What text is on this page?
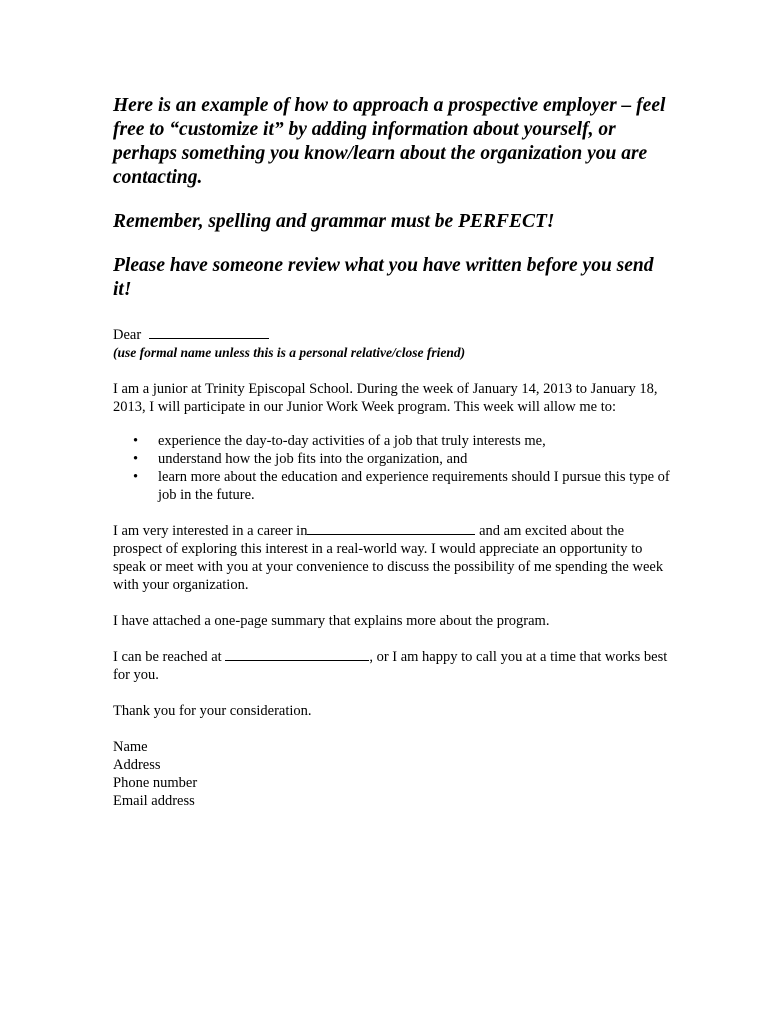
Here is an example of how to approach a prospective employer – feel free to “customize it” by adding information about yourself, or perhaps something you know/learn about the organization you are contacting.

Remember, spelling and grammar must be PERFECT!

Please have someone review what you have written before you send it!

Dear

(use formal name unless this is a personal relative/close friend)

I am a junior at Trinity Episcopal School. During the week of January 14, 2013 to January 18, 2013, I will participate in our Junior Work Week program. This week will allow me to:

• experience the day-to-day activities of a job that truly interests me,
• understand how the job fits into the organization, and
• learn more about the education and experience requirements should I pursue this type of job in the future.

I am very interested in a career in	and am excited about the prospect of exploring this interest in a real-world way. I would appreciate an opportunity to speak or meet with you at your convenience to discuss the possibility of me spending the week with your organization.

I have attached a one-page summary that explains more about the program.

I can be reached at	, or I am happy to call you at a time that works best for you.

Thank you for your consideration.

Name
Address
Phone number
Email address
